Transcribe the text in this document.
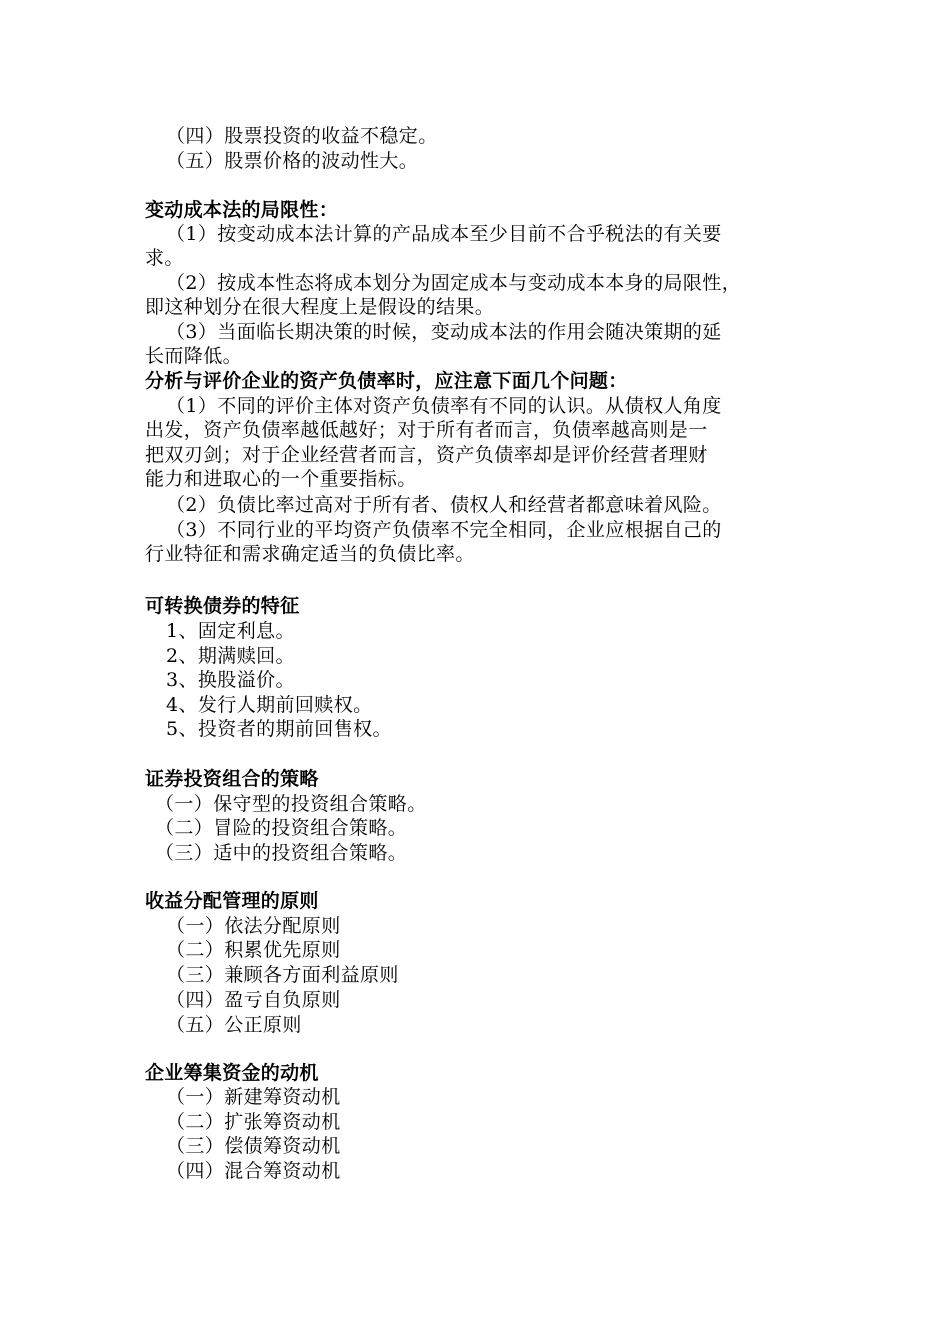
（四）股票投资的收益不稳定。
（五）股票价格的波动性大。
变动成本法的局限性：
（1）按变动成本法计算的产品成本至少目前不合乎税法的有关要
求。
（2）按成本性态将成本划分为固定成本与变动成本本身的局限性，
即这种划分在很大程度上是假设的结果。
（3）当面临长期决策的时候，变动成本法的作用会随决策期的延
长而降低。
分析与评价企业的资产负债率时，应注意下面几个问题：
（1）不同的评价主体对资产负债率有不同的认识。从债权人角度
出发，资产负债率越低越好；对于所有者而言，负债率越高则是一
把双刃剑；对于企业经营者而言，资产负债率却是评价经营者理财
能力和进取心的一个重要指标。
（2）负债比率过高对于所有者、债权人和经营者都意味着风险。
（3）不同行业的平均资产负债率不完全相同，企业应根据自己的
行业特征和需求确定适当的负债比率。
可转换债券的特征
1、固定利息。
2、期满赎回。
3、换股溢价。
4、发行人期前回赎权。
5、投资者的期前回售权。
证券投资组合的策略
（一）保守型的投资组合策略。
（二）冒险的投资组合策略。
（三）适中的投资组合策略。
收益分配管理的原则
（一）依法分配原则
（二）积累优先原则
（三）兼顾各方面利益原则
（四）盈亏自负原则
（五）公正原则
企业筹集资金的动机
（一）新建筹资动机
（二）扩张筹资动机
（三）偿债筹资动机
（四）混合筹资动机
